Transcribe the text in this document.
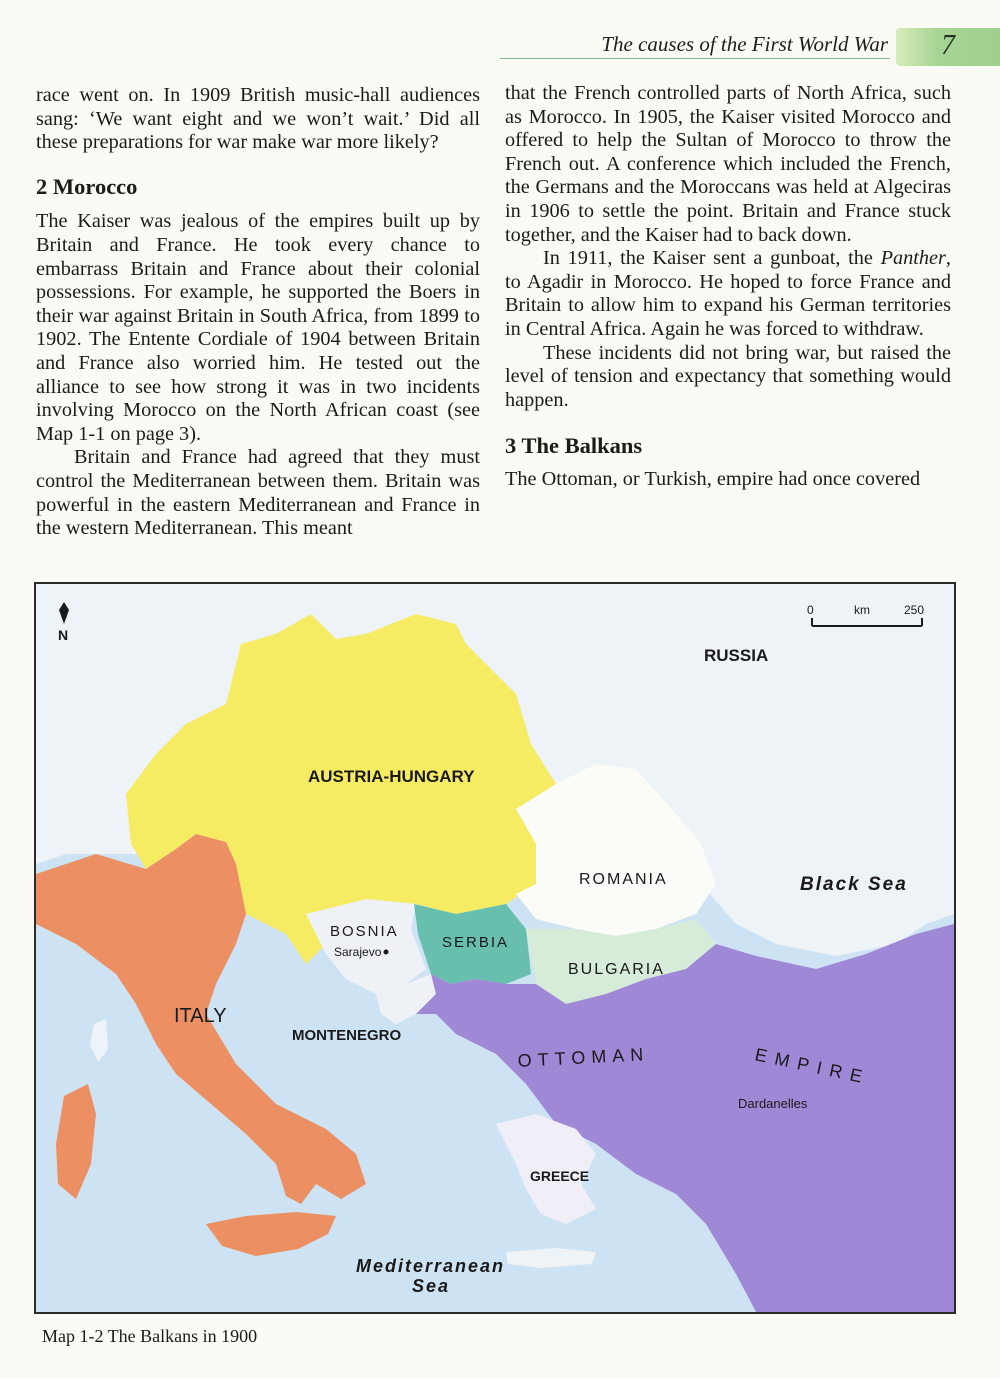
The causes of the First World War	7

race went on. In 1909 British music-hall audiences sang: ‘We want eight and we won’t wait.’ Did all these preparations for war make war more likely?

2 Morocco

The Kaiser was jealous of the empires built up by Britain and France. He took every chance to embarrass Britain and France about their colonial possessions. For example, he supported the Boers in their war against Britain in South Africa, from 1899 to 1902. The Entente Cordiale of 1904 between Britain and France also worried him. He tested out the alliance to see how strong it was in two incidents involving Morocco on the North African coast (see Map 1-1 on page 3).

Britain and France had agreed that they must control the Mediterranean between them. Britain was powerful in the eastern Mediterranean and France in the western Mediterranean. This meant

that the French controlled parts of North Africa, such as Morocco. In 1905, the Kaiser visited Morocco and offered to help the Sultan of Morocco to throw the French out. A conference which included the French, the Germans and the Moroccans was held at Algeciras in 1906 to settle the point. Britain and France stuck together, and the Kaiser had to back down.

In 1911, the Kaiser sent a gunboat, the Panther, to Agadir in Morocco. He hoped to force France and Britain to allow him to expand his German territories in Central Africa. Again he was forced to withdraw.

These incidents did not bring war, but raised the level of tension and expectancy that something would happen.

3 The Balkans

The Ottoman, or Turkish, empire had once covered

N
0	km	250
RUSSIA
AUSTRIA-HUNGARY
ROMANIA	Black Sea
BOSNIA
Sarajevo
SERBIA
BULGARIA
ITALY
MONTENEGRO
OTTOMAN	EMPIRE
Dardanelles
GREECE
Mediterranean
Sea
Map 1-2 The Balkans in 1900
